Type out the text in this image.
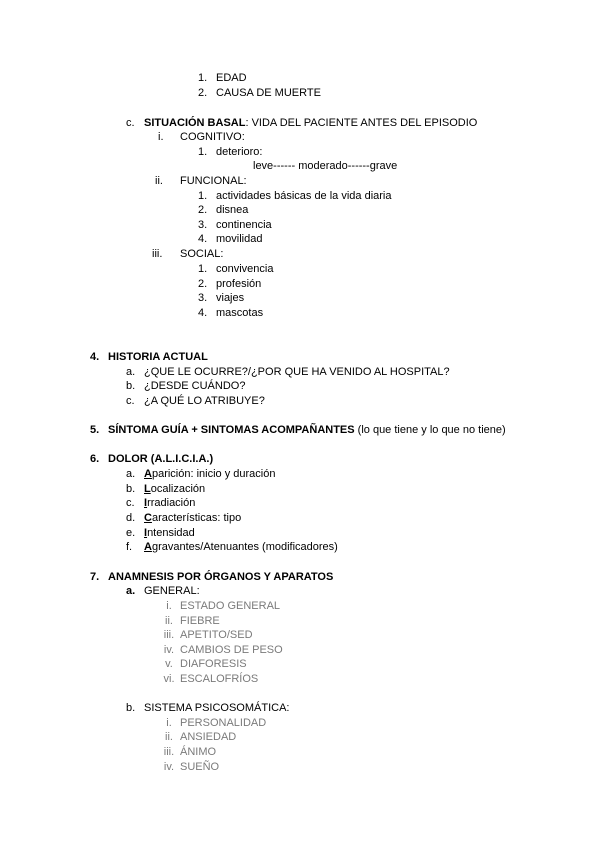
1. EDAD
2. CAUSA DE MUERTE
c. SITUACIÓN BASAL: VIDA DEL PACIENTE ANTES DEL EPISODIO
i. COGNITIVO:
1. deterioro:
leve------ moderado------grave
ii. FUNCIONAL:
1. actividades básicas de la vida diaria
2. disnea
3. continencia
4. movilidad
iii. SOCIAL:
1. convivencia
2. profesión
3. viajes
4. mascotas
4. HISTORIA ACTUAL
a. ¿QUE LE OCURRE?/¿POR QUE HA VENIDO AL HOSPITAL?
b. ¿DESDE CUÁNDO?
c. ¿A QUÉ LO ATRIBUYE?
5. SÍNTOMA GUÍA + SINTOMAS ACOMPAÑANTES (lo que tiene y lo que no tiene)
6. DOLOR (A.L.I.C.I.A.)
a. Aparición: inicio y duración
b. Localización
c. Irradiación
d. Características: tipo
e. Intensidad
f. Agravantes/Atenuantes (modificadores)
7. ANAMNESIS POR ÓRGANOS Y APARATOS
a. GENERAL:
i. ESTADO GENERAL
ii. FIEBRE
iii. APETITO/SED
iv. CAMBIOS DE PESO
v. DIAFORESIS
vi. ESCALOFRÍOS
b. SISTEMA PSICOSOMÁTICA:
i. PERSONALIDAD
ii. ANSIEDAD
iii. ÁNIMO
iv. SUEÑO
